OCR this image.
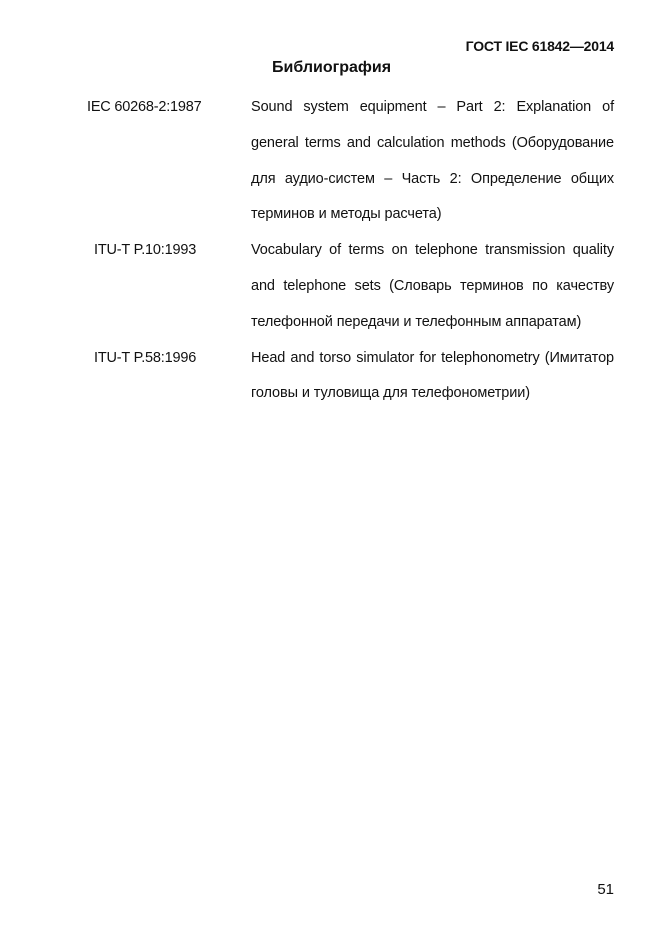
ГОСТ IEC 61842—2014
Библиография
IEC 60268-2:1987	Sound system equipment – Part 2: Explanation of general terms and calculation methods (Оборудование для аудио-систем – Часть 2: Определение общих терминов и методы расчета)
ITU-T P.10:1993	Vocabulary of terms on telephone transmission quality and telephone sets (Словарь терминов по качеству телефонной передачи и телефонным аппаратам)
ITU-T P.58:1996	Head and torso simulator for telephonometry (Имитатор головы и туловища для телефонометрии)
51
